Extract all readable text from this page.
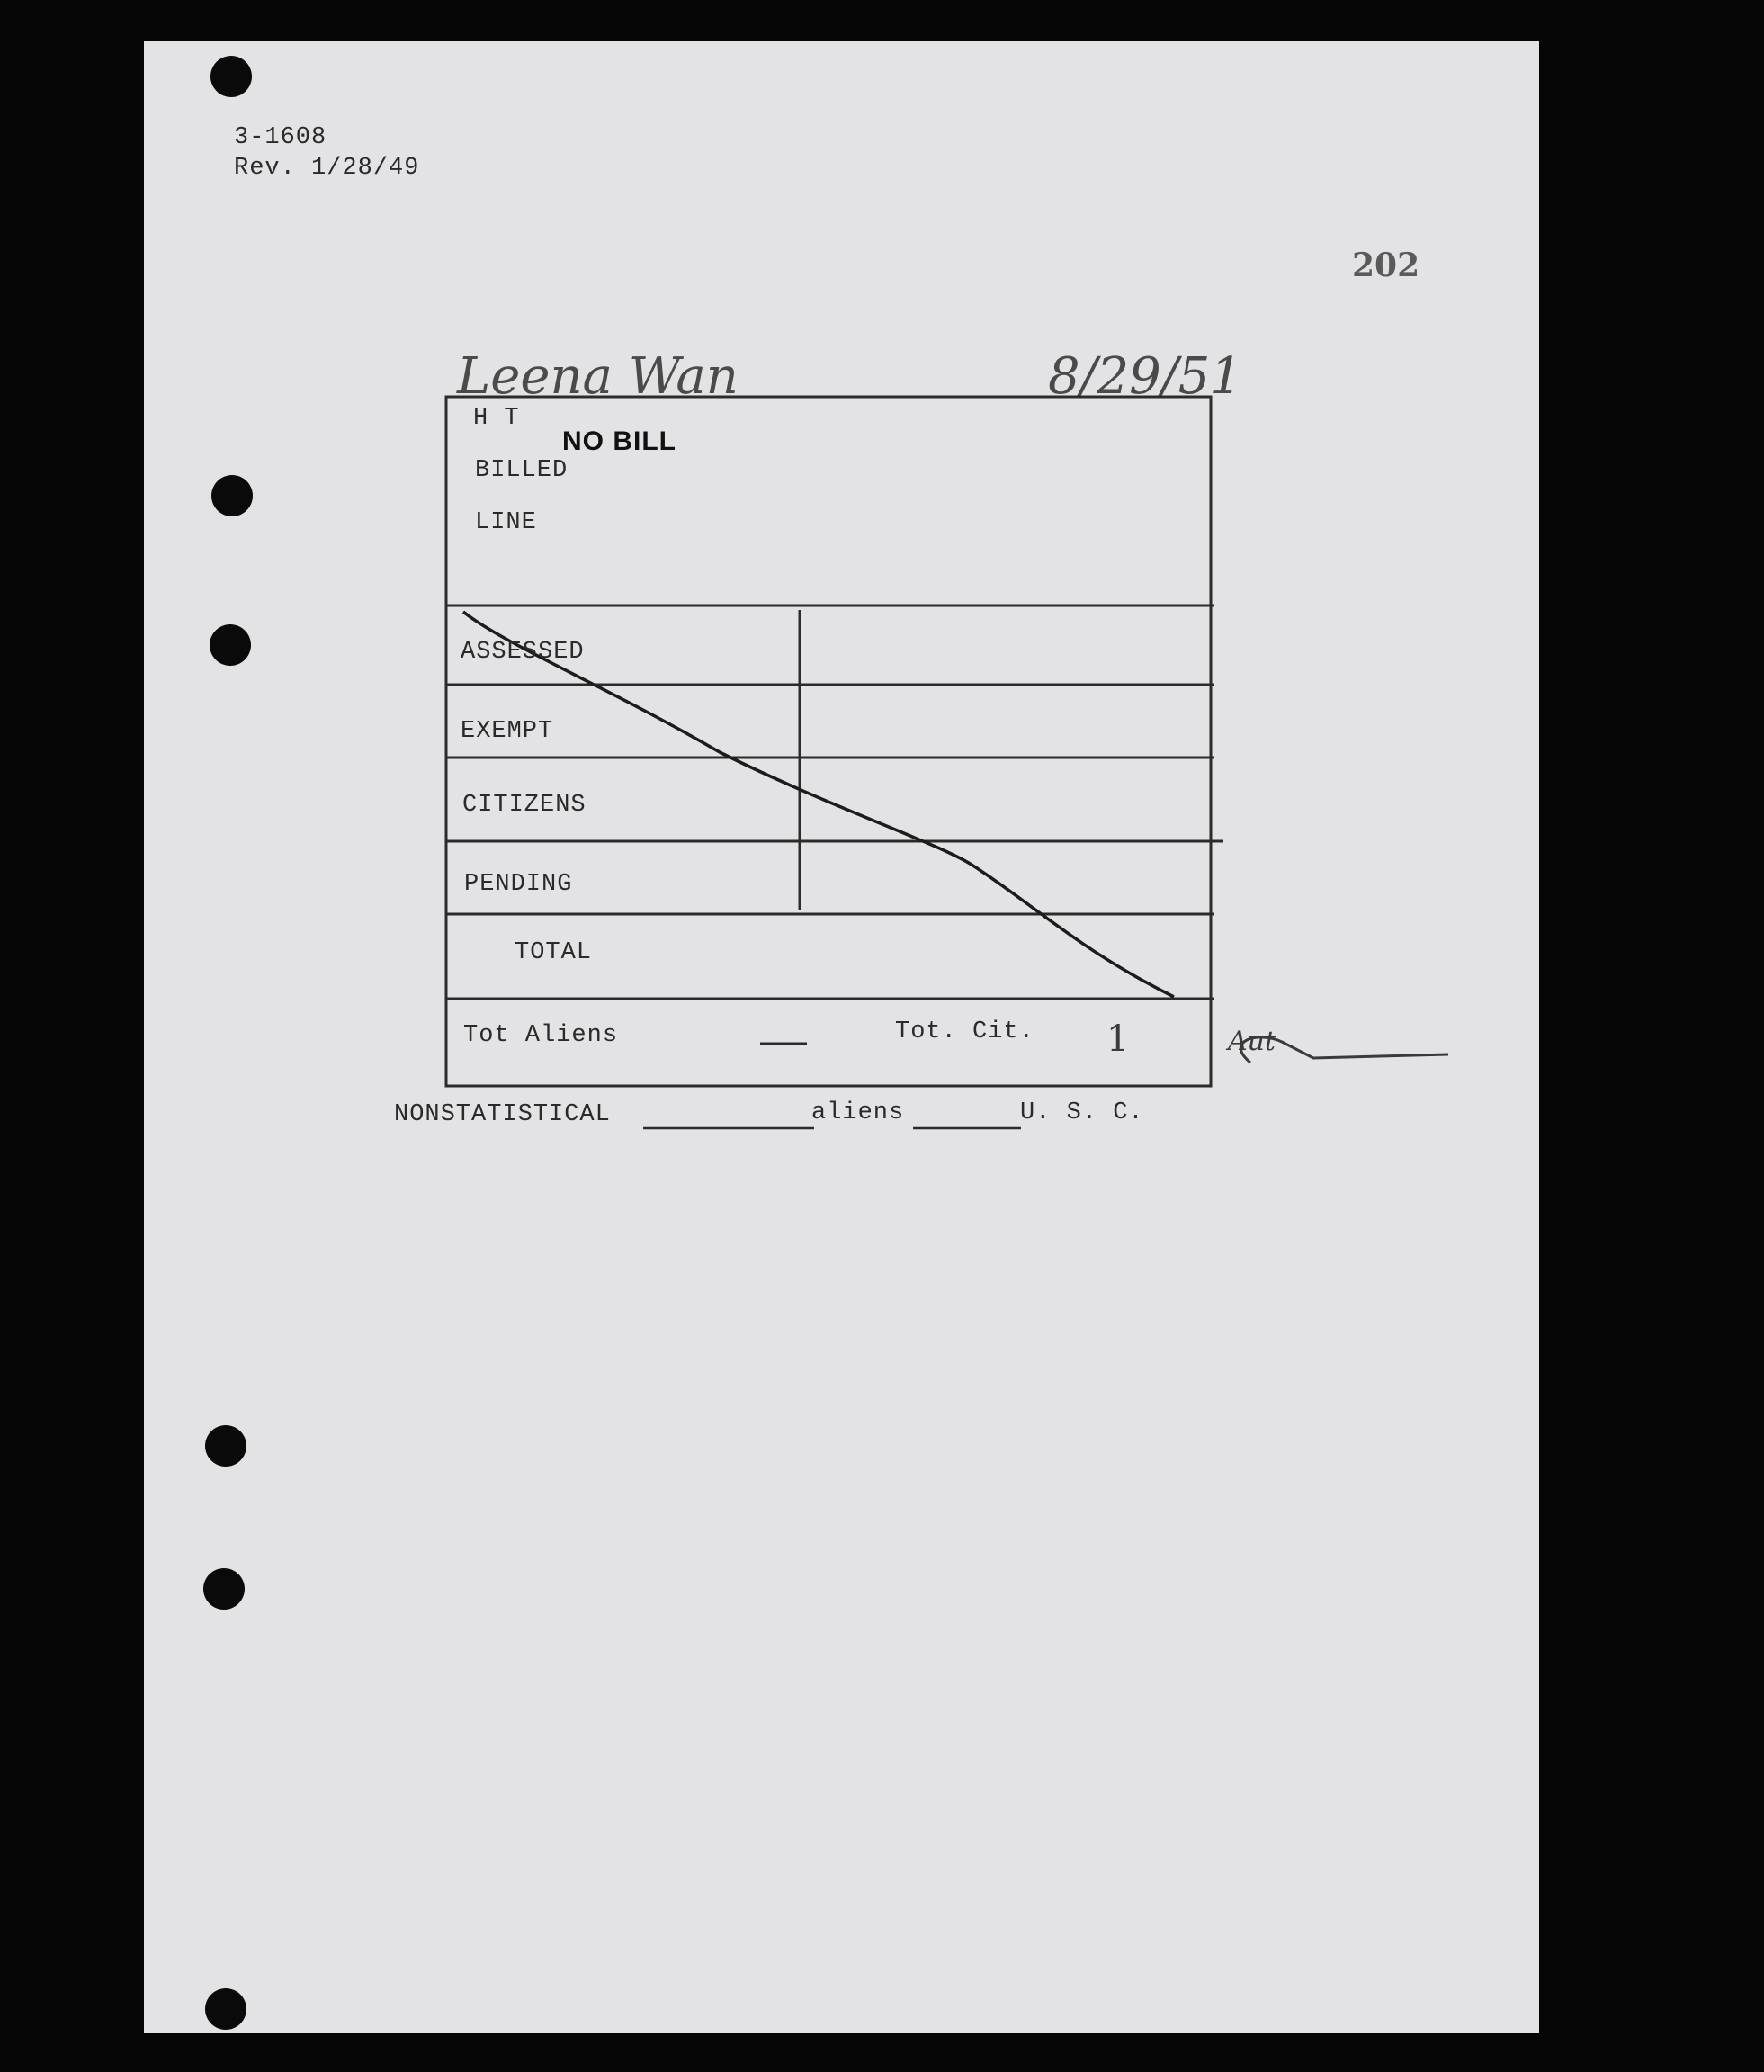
3-1608
Rev. 1/28/49
202
Leena Wan	8/29/51
H T
NO BILL
BILLED
LINE
ASSESSED
EXEMPT
CITIZENS
PENDING
TOTAL
Tot Aliens	Tot. Cit. 1	Aut
NONSTATISTICAL	aliens	U. S. C.
